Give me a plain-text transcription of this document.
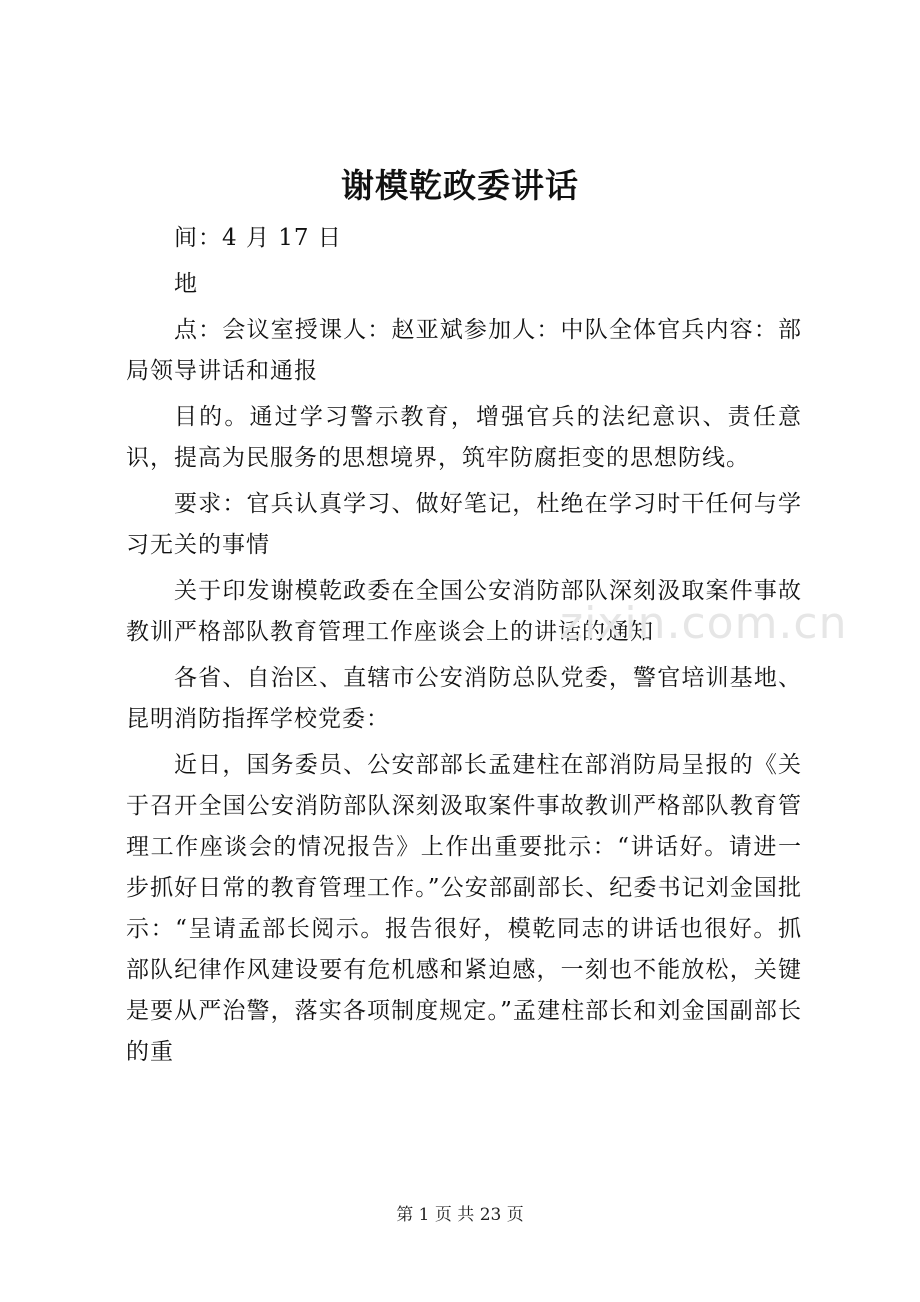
谢模乾政委讲话

间：4 月 17 日

地

点：会议室授课人：赵亚斌参加人：中队全体官兵内容：部局领导讲话和通报

目的。通过学习警示教育，增强官兵的法纪意识、责任意识，提高为民服务的思想境界，筑牢防腐拒变的思想防线。

要求：官兵认真学习、做好笔记，杜绝在学习时干任何与学习无关的事情

关于印发谢模乾政委在全国公安消防部队深刻汲取案件事故教训严格部队教育管理工作座谈会上的讲话的通知

各省、自治区、直辖市公安消防总队党委，警官培训基地、昆明消防指挥学校党委：

近日，国务委员、公安部部长孟建柱在部消防局呈报的《关于召开全国公安消防部队深刻汲取案件事故教训严格部队教育管理工作座谈会的情况报告》上作出重要批示：“讲话好。请进一步抓好日常的教育管理工作。”公安部副部长、纪委书记刘金国批示：“呈请孟部长阅示。报告很好，模乾同志的讲话也很好。抓部队纪律作风建设要有危机感和紧迫感，一刻也不能放松，关键是要从严治警，落实各项制度规定。”孟建柱部长和刘金国副部长的重

zixin.com.cn
第 1 页 共 23 页
